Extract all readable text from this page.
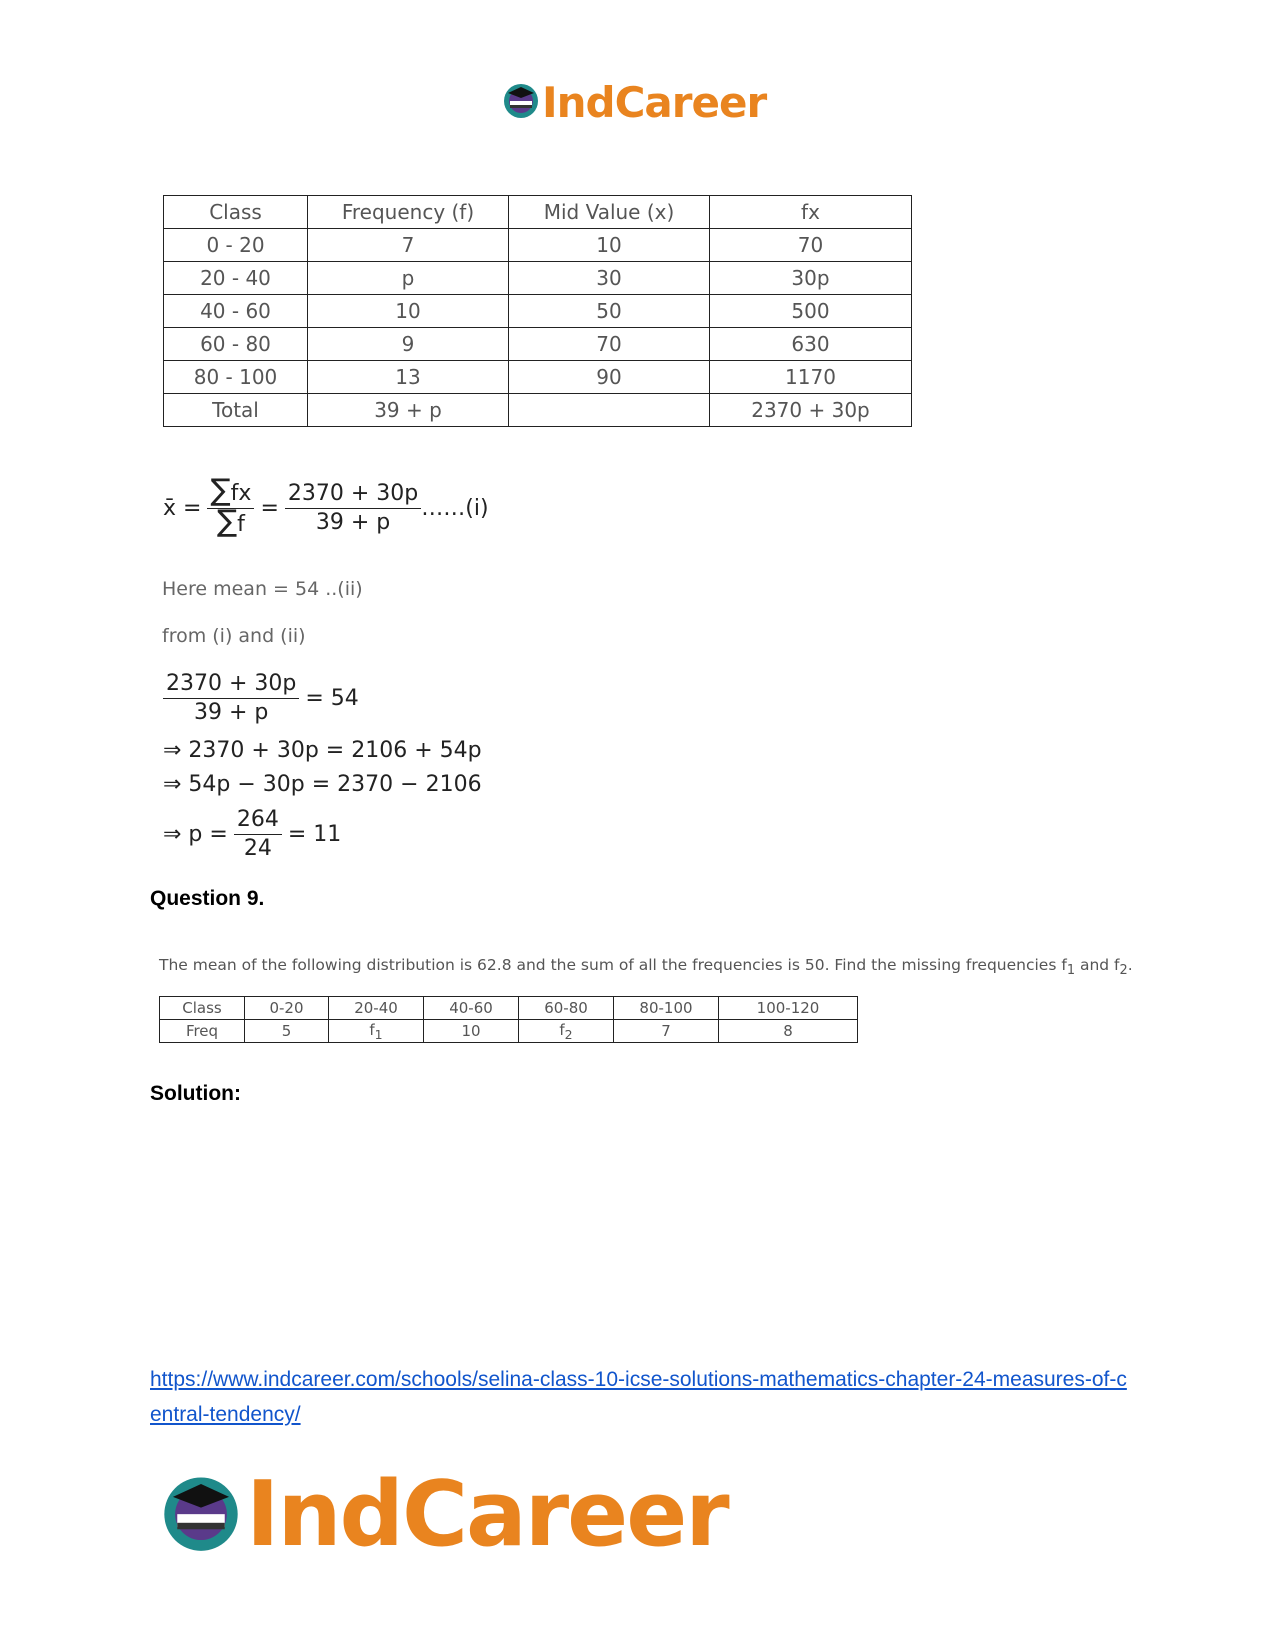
IndCareer
Class	Frequency (f)	Mid Value (x)	fx
0 - 20	7	10	70
20 - 40	p	30	30p
40 - 60	10	50	500
60 - 80	9	70	630
80 - 100	13	90	1170
Total	39 + p		2370 + 30p
x̄ = $\frac{\sum fx}{\sum f} = \frac{2370 + 30p}{39 + p}$ ……(i)
Here mean = 54 ..(ii)
from (i) and (ii)
$\frac{2370 + 30p}{39 + p} = 54$
⇒ 2370 + 30p = 2106 + 54p
⇒ 54p − 30p = 2370 − 2106
⇒ $p = \frac{264}{24} = 11$
Question 9.
The mean of the following distribution is 62.8 and the sum of all the frequencies is 50. Find the missing frequencies $f_1$ and $f_2$.
Class	0-20	20-40	40-60	60-80	80-100	100-120
Freq	5	$f_1$	10	$f_2$	7	8
Solution:
https://www.indcareer.com/schools/selina-class-10-icse-solutions-mathematics-chapter-24-measures-of-central-tendency/
IndCareer
